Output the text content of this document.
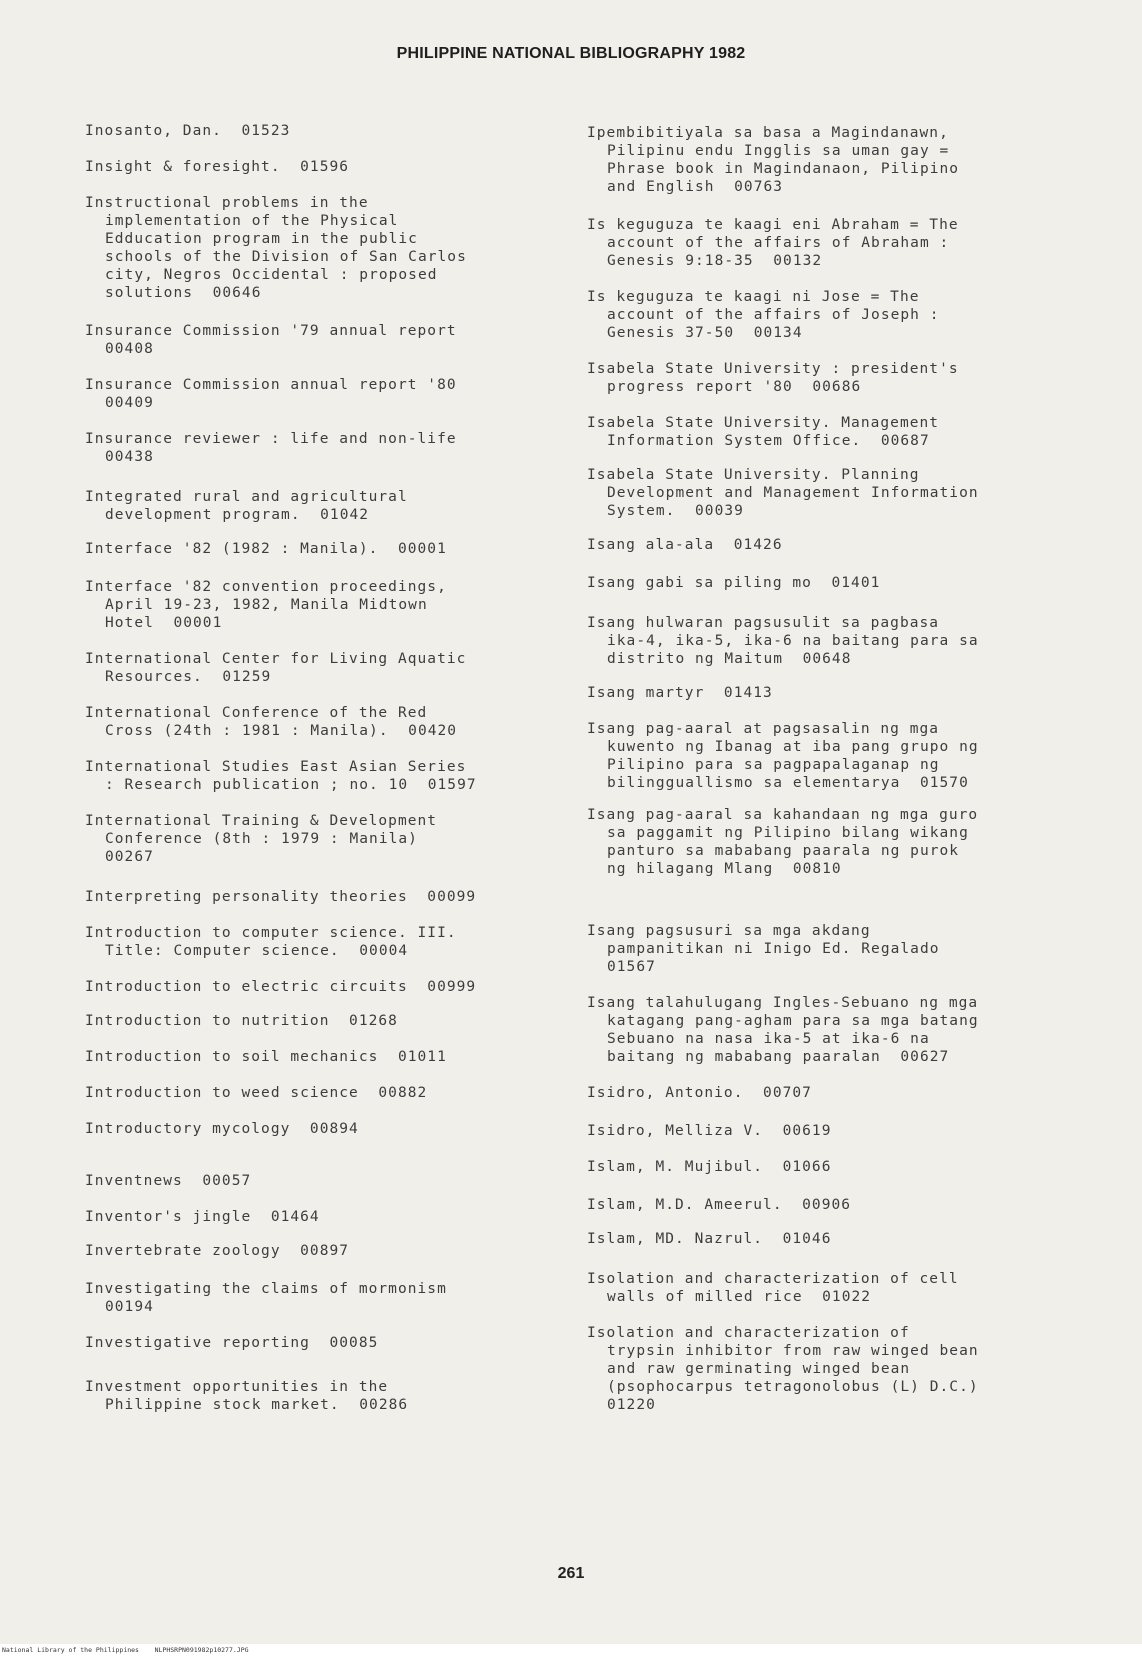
PHILIPPINE NATIONAL BIBLIOGRAPHY 1982
Inosanto, Dan.  01523
Insight & foresight.  01596
Instructional problems in the
implementation of the Physical
Edducation program in the public
schools of the Division of San Carlos
city, Negros Occidental : proposed
solutions  00646
Insurance Commission '79 annual report
00408
Insurance Commission annual report '80
00409
Insurance reviewer : life and non-life
00438
Integrated rural and agricultural
development program.  01042
Interface '82 (1982 : Manila).  00001
Interface '82 convention proceedings,
April 19-23, 1982, Manila Midtown
Hotel  00001
International Center for Living Aquatic
Resources.  01259
International Conference of the Red
Cross (24th : 1981 : Manila).  00420
International Studies East Asian Series
: Research publication ; no. 10  01597
International Training & Development
Conference (8th : 1979 : Manila)
00267
Interpreting personality theories  00099
Introduction to computer science. III.
Title: Computer science.  00004
Introduction to electric circuits  00999
Introduction to nutrition  01268
Introduction to soil mechanics  01011
Introduction to weed science  00882
Introductory mycology  00894
Inventnews  00057
Inventor's jingle  01464
Invertebrate zoology  00897
Investigating the claims of mormonism
00194
Investigative reporting  00085
Investment opportunities in the
Philippine stock market.  00286
Ipembibitiyala sa basa a Magindanawn,
Pilipinu endu Ingglis sa uman gay =
Phrase book in Magindanaon, Pilipino
and English  00763
Is keguguza te kaagi eni Abraham = The
account of the affairs of Abraham :
Genesis 9:18-35  00132
Is keguguza te kaagi ni Jose = The
account of the affairs of Joseph :
Genesis 37-50  00134
Isabela State University : president's
progress report '80  00686
Isabela State University. Management
Information System Office.  00687
Isabela State University. Planning
Development and Management Information
System.  00039
Isang ala-ala  01426
Isang gabi sa piling mo  01401
Isang hulwaran pagsusulit sa pagbasa
ika-4, ika-5, ika-6 na baitang para sa
distrito ng Maitum  00648
Isang martyr  01413
Isang pag-aaral at pagsasalin ng mga
kuwento ng Ibanag at iba pang grupo ng
Pilipino para sa pagpapalaganap ng
bilingguallismo sa elementarya  01570
Isang pag-aaral sa kahandaan ng mga guro
sa paggamit ng Pilipino bilang wikang
panturo sa mababang paarala ng purok
ng hilagang Mlang  00810
Isang pagsusuri sa mga akdang
pampanitikan ni Inigo Ed. Regalado
01567
Isang talahulugang Ingles-Sebuano ng mga
katagang pang-agham para sa mga batang
Sebuano na nasa ika-5 at ika-6 na
baitang ng mababang paaralan  00627
Isidro, Antonio.  00707
Isidro, Melliza V.  00619
Islam, M. Mujibul.  01066
Islam, M.D. Ameerul.  00906
Islam, MD. Nazrul.  01046
Isolation and characterization of cell
walls of milled rice  01022
Isolation and characterization of
trypsin inhibitor from raw winged bean
and raw germinating winged bean
(psophocarpus tetragonolobus (L) D.C.)
01220
261
National Library of the Philippines    NLPHSRPN091982p10277.JPG
